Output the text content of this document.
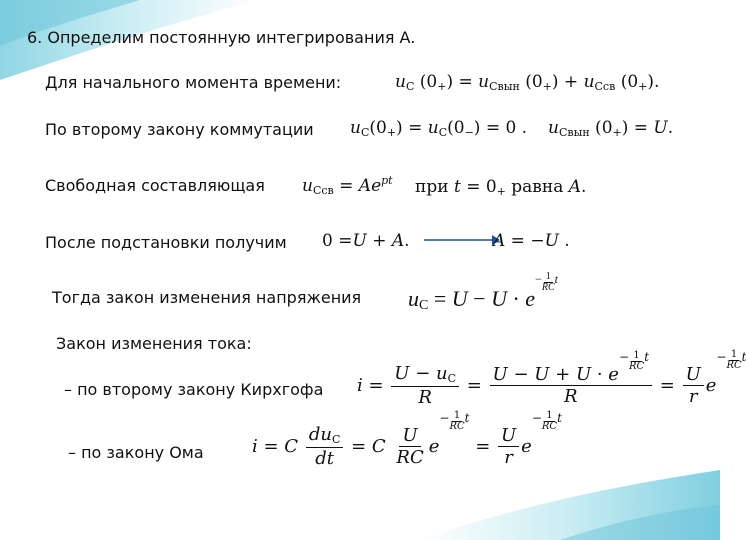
6. Определим постоянную интегрирования A.
Для начального момента времени:	$u_C$ $(0_+) = u_{Свын}$ $(0_+) + u_{Ссв}$ $(0_+)$.
По второму закону коммутации $u_C(0_+) = u_C(0_-) = 0$ . $u_{Свын}$ $(0_+) = U$.
Свободная составляющая $u_{Ссв} = Ae^{pt}$ при $t = 0_+$ равна A.
После подстановки получим 0 =U + A.	A = −U .
Тогда закон изменения напряжения $u_C = U - U \cdot e- \frac{1}{RC}$ t
Закон изменения тока:
– по второму закону Кирхгофа $i = \frac{U - u_C}{R} = \frac{U - U + U \cdot e- \frac{1}{RC} t}{R} = \frac{U}{r} e- \frac{1}{RC}$ t
– по закону Ома	i = C $\frac{du_C}{dt} = C \frac{U}{RC} e- \frac{1}{RC}$ $t = \frac{U}{r} e- \frac{1}{RC}$ t
